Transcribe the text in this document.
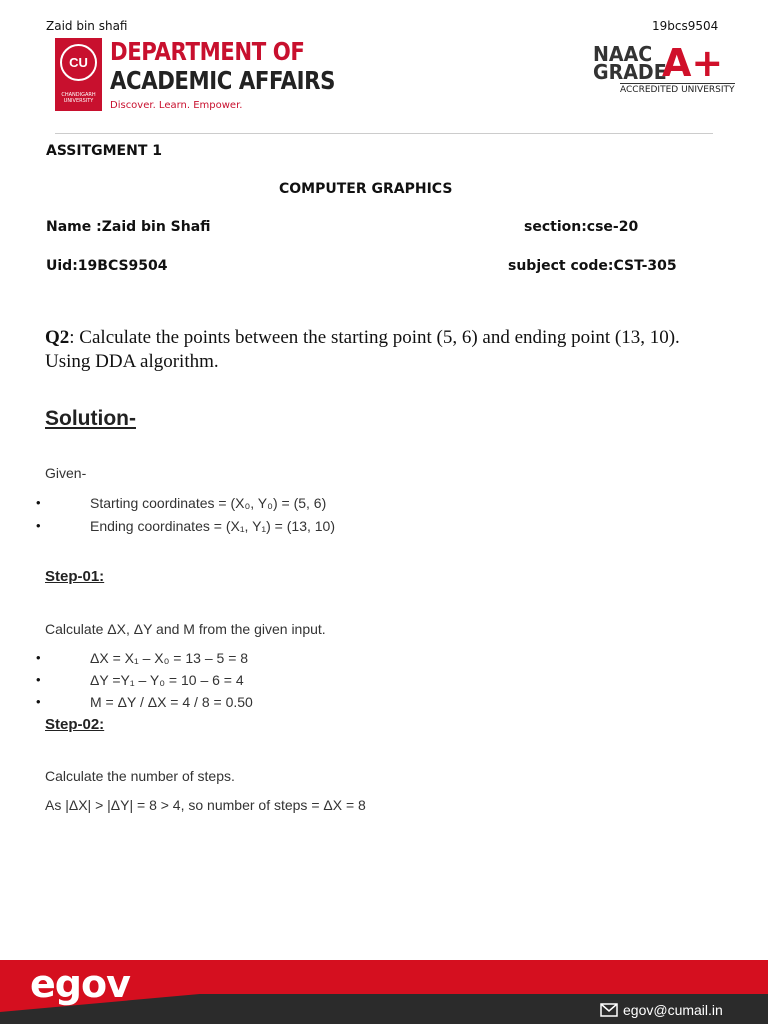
Zaid bin shafi	19bcs9504
CU
CHANDIGARH UNIVERSITY
DEPARTMENT OF
ACADEMIC AFFAIRS
Discover. Learn. Empower.
NAAC
GRADE
A+
ACCREDITED UNIVERSITY
ASSITGMENT 1
COMPUTER GRAPHICS
Name :Zaid bin Shafi	section:cse-20
Uid:19BCS9504	subject code:CST-305
Q2: Calculate the points between the starting point (5, 6) and ending point (13, 10).
Using DDA algorithm.
Solution-
Given-
•	Starting coordinates = (X₀, Y₀) = (5, 6)
•	Ending coordinates = (X₁, Y₁) = (13, 10)
Step-01:
Calculate ΔX, ΔY and M from the given input.
•	ΔX = X₁ – X₀ = 13 – 5 = 8
•	ΔY =Y₁ – Y₀ = 10 – 6 = 4
•	M = ΔY / ΔX = 4 / 8 = 0.50
Step-02:
Calculate the number of steps.
As |ΔX| > |ΔY| = 8 > 4, so number of steps = ΔX = 8
egov
egov@cumail.in
